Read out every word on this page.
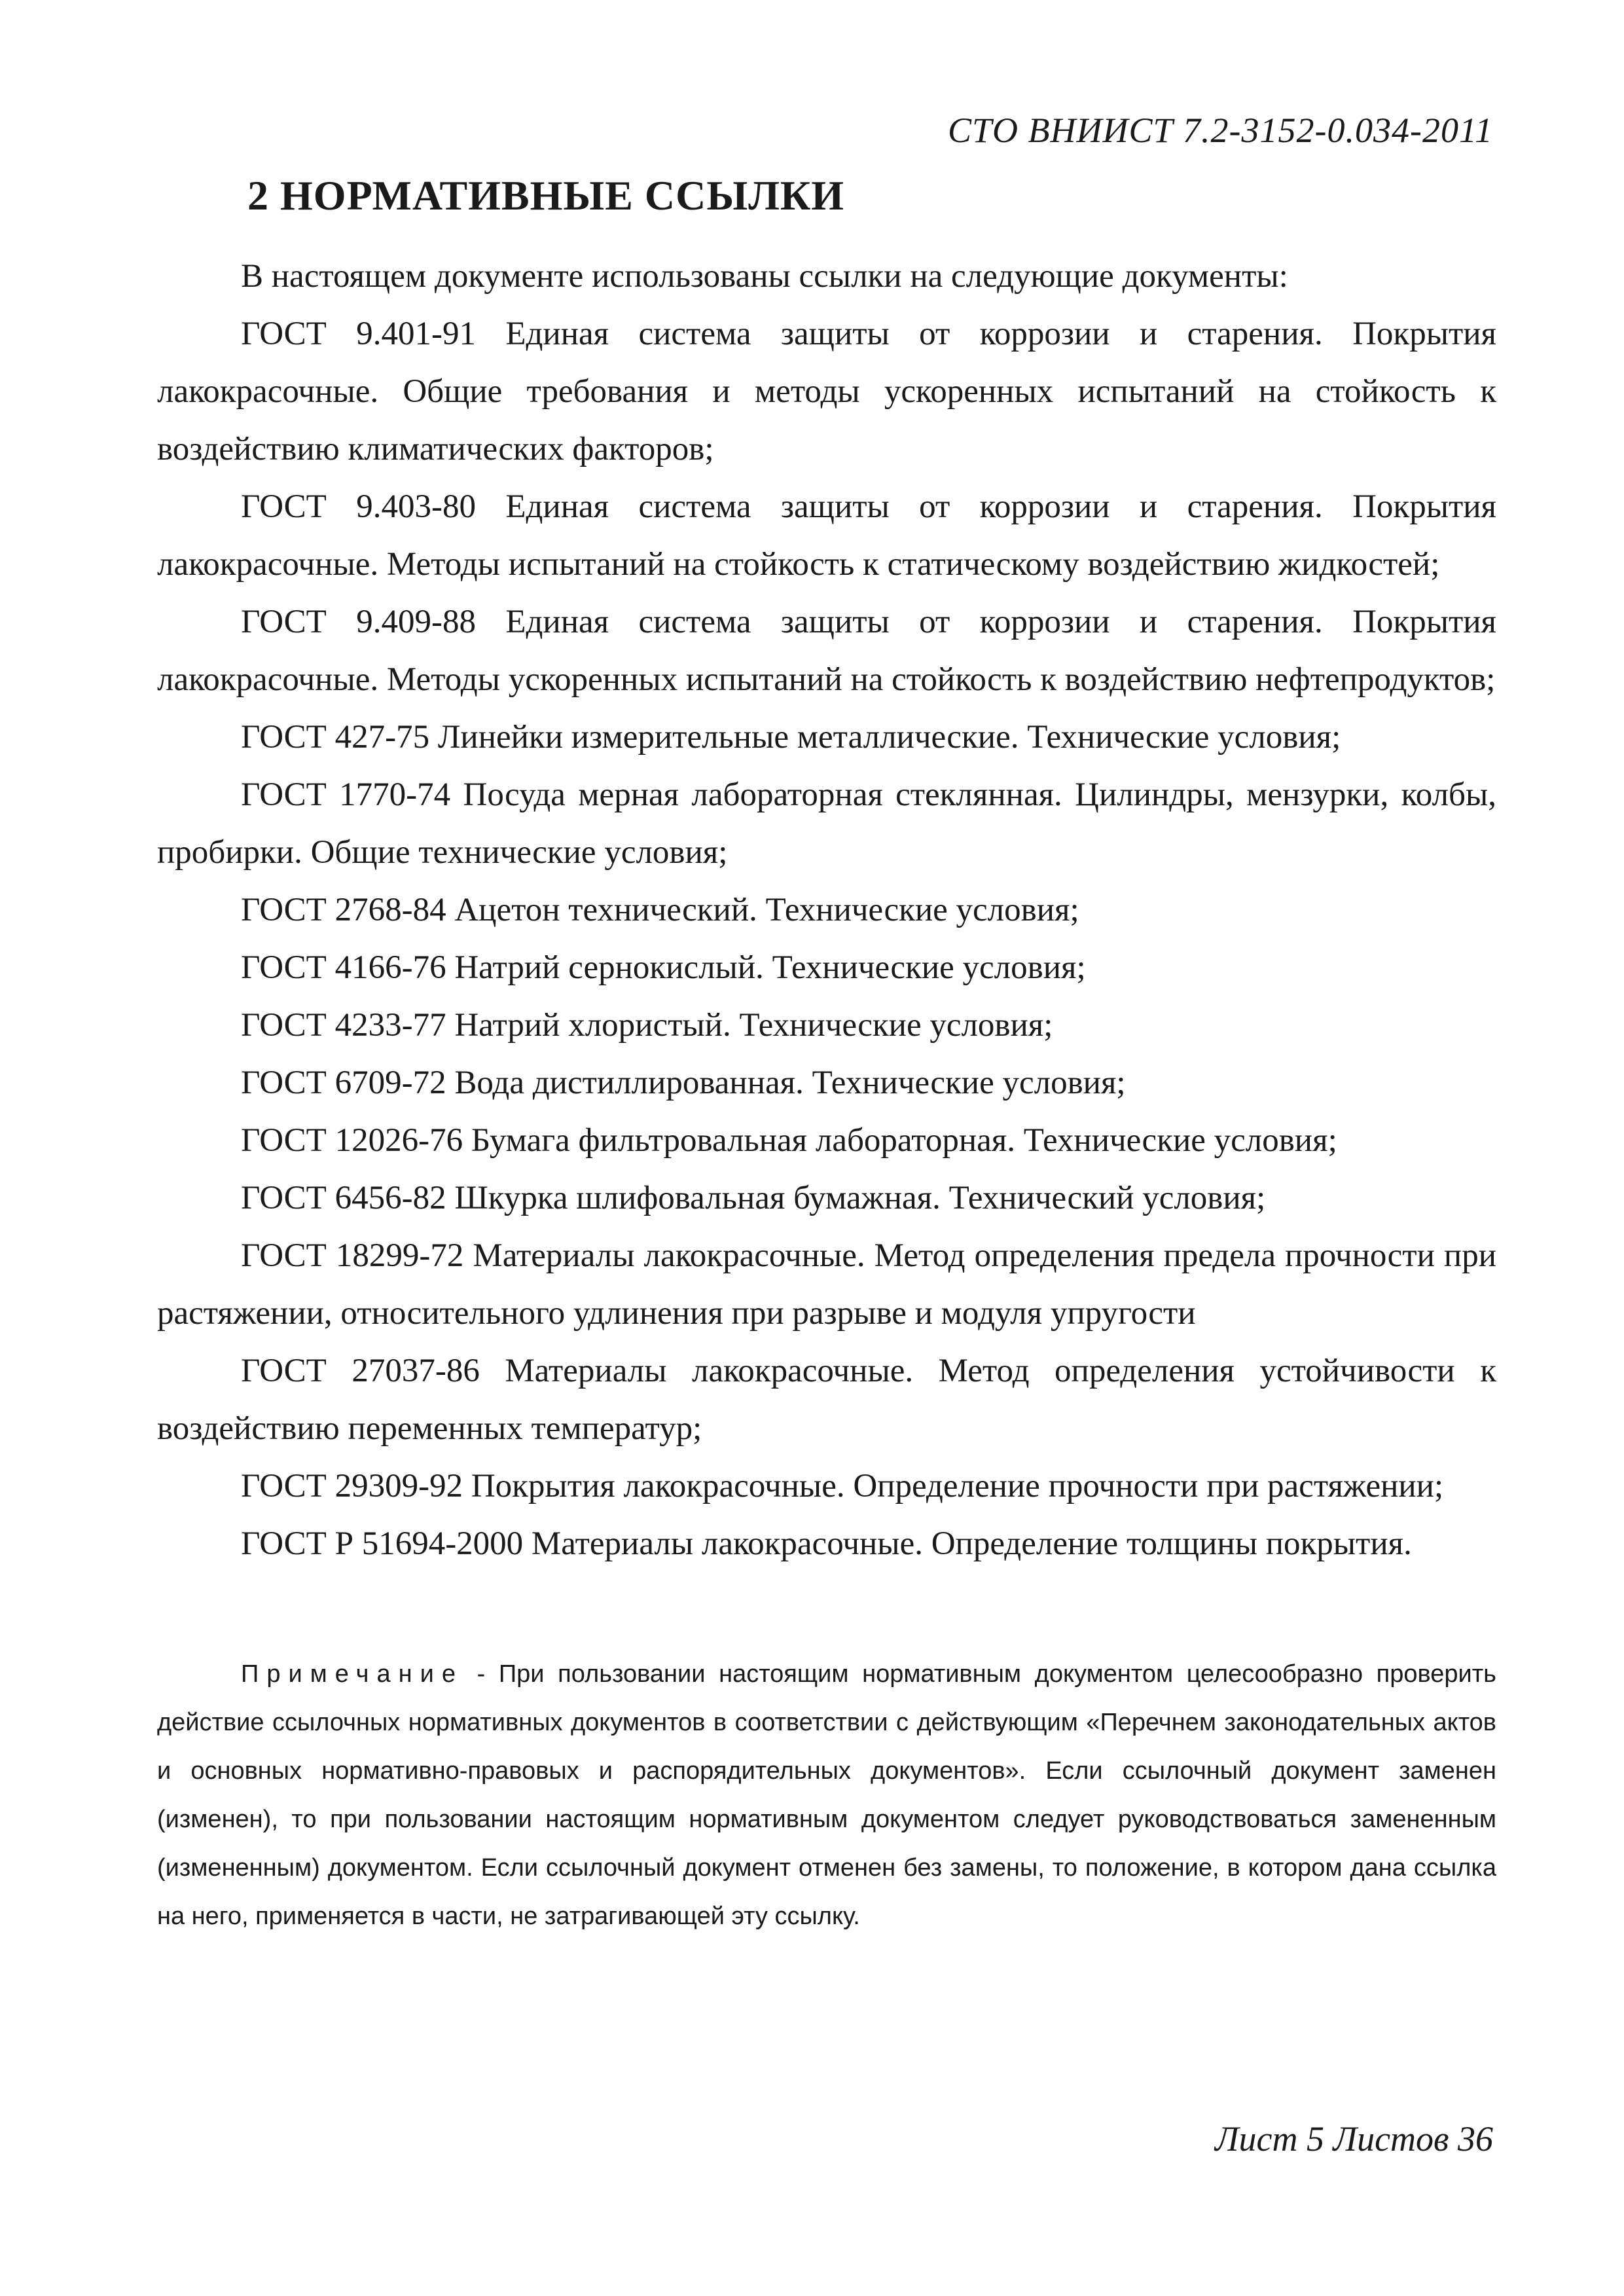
СТО ВНИИСТ 7.2-3152-0.034-2011
2 НОРМАТИВНЫЕ ССЫЛКИ

В настоящем документе использованы ссылки на следующие документы:

ГОСТ 9.401-91 Единая система защиты от коррозии и старения. Покрытия лакокрасочные. Общие требования и методы ускоренных испытаний на стойкость к воздействию климатических факторов;

ГОСТ 9.403-80 Единая система защиты от коррозии и старения. Покрытия лакокрасочные. Методы испытаний на стойкость к статическому воздействию жидкостей;

ГОСТ 9.409-88 Единая система защиты от коррозии и старения. Покрытия лакокрасочные. Методы ускоренных испытаний на стойкость к воздействию нефтепродуктов;

ГОСТ 427-75 Линейки измерительные металлические. Технические условия;

ГОСТ 1770-74 Посуда мерная лабораторная стеклянная. Цилиндры, мензурки, колбы, пробирки. Общие технические условия;

ГОСТ 2768-84 Ацетон технический. Технические условия;

ГОСТ 4166-76 Натрий сернокислый. Технические условия;

ГОСТ 4233-77 Натрий хлористый. Технические условия;

ГОСТ 6709-72 Вода дистиллированная. Технические условия;

ГОСТ 12026-76 Бумага фильтровальная лабораторная. Технические условия;

ГОСТ 6456-82 Шкурка шлифовальная бумажная. Технический условия;

ГОСТ 18299-72 Материалы лакокрасочные. Метод определения предела прочности при растяжении, относительного удлинения при разрыве и модуля упругости

ГОСТ 27037-86 Материалы лакокрасочные. Метод определения устойчивости к воздействию переменных температур;

ГОСТ 29309-92 Покрытия лакокрасочные. Определение прочности при растяжении;

ГОСТ Р 51694-2000 Материалы лакокрасочные. Определение толщины покрытия.

Примечание - При пользовании настоящим нормативным документом целесообразно проверить действие ссылочных нормативных документов в соответствии с действующим «Перечнем законодательных актов и основных нормативно-правовых и распорядительных документов». Если ссылочный документ заменен (изменен), то при пользовании настоящим нормативным документом следует руководствоваться замененным (измененным) документом. Если ссылочный документ отменен без замены, то положение, в котором дана ссылка на него, применяется в части, не затрагивающей эту ссылку.
Лист 5 Листов 36
